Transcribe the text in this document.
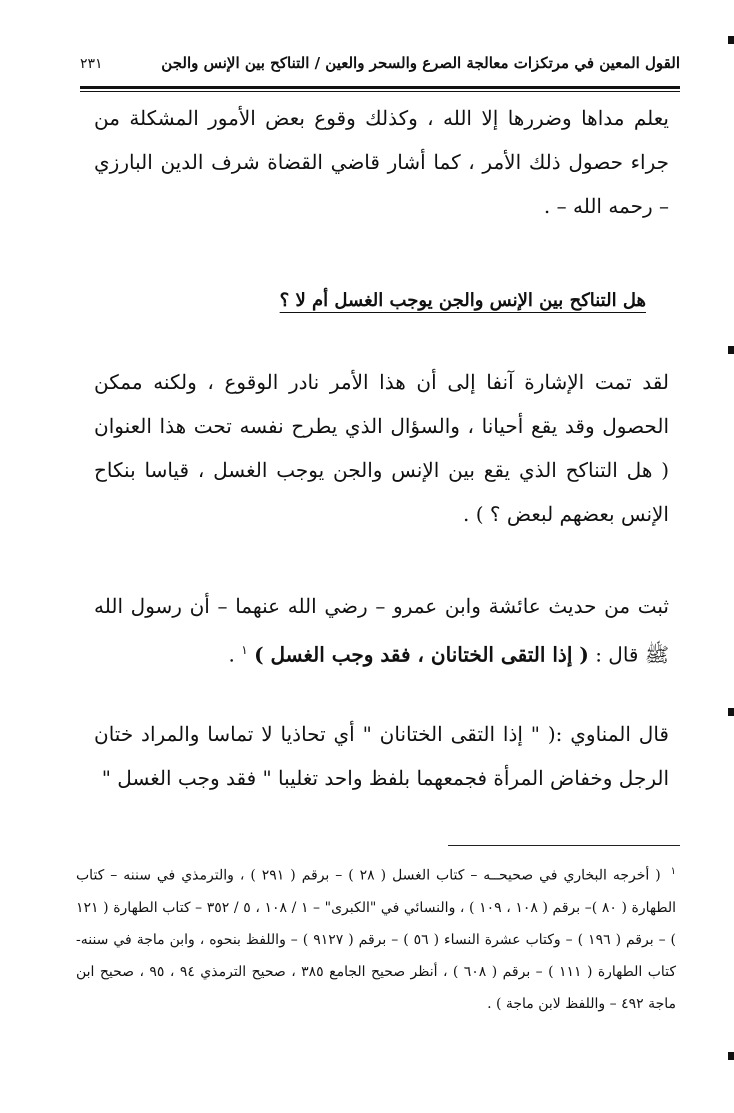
القول المعين في مرتكزات معالجة الصرع والسحر والعين / التناكح بين الإنس والجن
٢٣١

يعلم مداها وضررها إلا الله ، وكذلك وقوع بعض الأمور المشكلة من جراء حصول ذلك الأمر ، كما أشار قاضي القضاة شرف الدين البارزي – رحمه الله – .

هل التناكح بين الإنس والجن يوجب الغسل أم لا ؟

لقد تمت الإشارة آنفا إلى أن هذا الأمر نادر الوقوع ، ولكنه ممكن الحصول وقد يقع أحيانا ، والسؤال الذي يطرح نفسه تحت هذا العنوان ( هل التناكح الذي يقع بين الإنس والجن يوجب الغسل ، قياسا بنكاح الإنس بعضهم لبعض ؟ ) .

ثبت من حديث عائشة وابن عمرو – رضي الله عنهما – أن رسول الله ﷺ قال : ( إذا التقى الختانان ، فقد وجب الغسل ) $^١$ .

قال المناوي :( " إذا التقى الختانان " أي تحاذيا لا تماسا والمراد ختان الرجل وخفاض المرأة فجمعهما بلفظ واحد تغليبا " فقد وجب الغسل "

$^١$ ( أخرجه البخاري في صحيحــه – كتاب الغسل ( ٢٨ ) – برقم ( ٢٩١ ) ، والترمذي في سننه – كتاب الطهارة ( ٨٠ )– برقم ( ١٠٨ ، ١٠٩ ) ، والنسائي في "الكبرى" – ١ / ١٠٨ ، ٥ / ٣٥٢ – كتاب الطهارة ( ١٢١ ) – برقم ( ١٩٦ ) – وكتاب عشرة النساء ( ٥٦ ) – برقم ( ٩١٢٧ ) – واللفظ بنحوه ، وابن ماجة في سننه- كتاب الطهارة ( ١١١ ) – برقم ( ٦٠٨ ) ، أنظر صحيح الجامع ٣٨٥ ، صحيح الترمذي ٩٤ ، ٩٥ ، صحيح ابن ماجة ٤٩٢ – واللفظ لابن ماجة ) .
